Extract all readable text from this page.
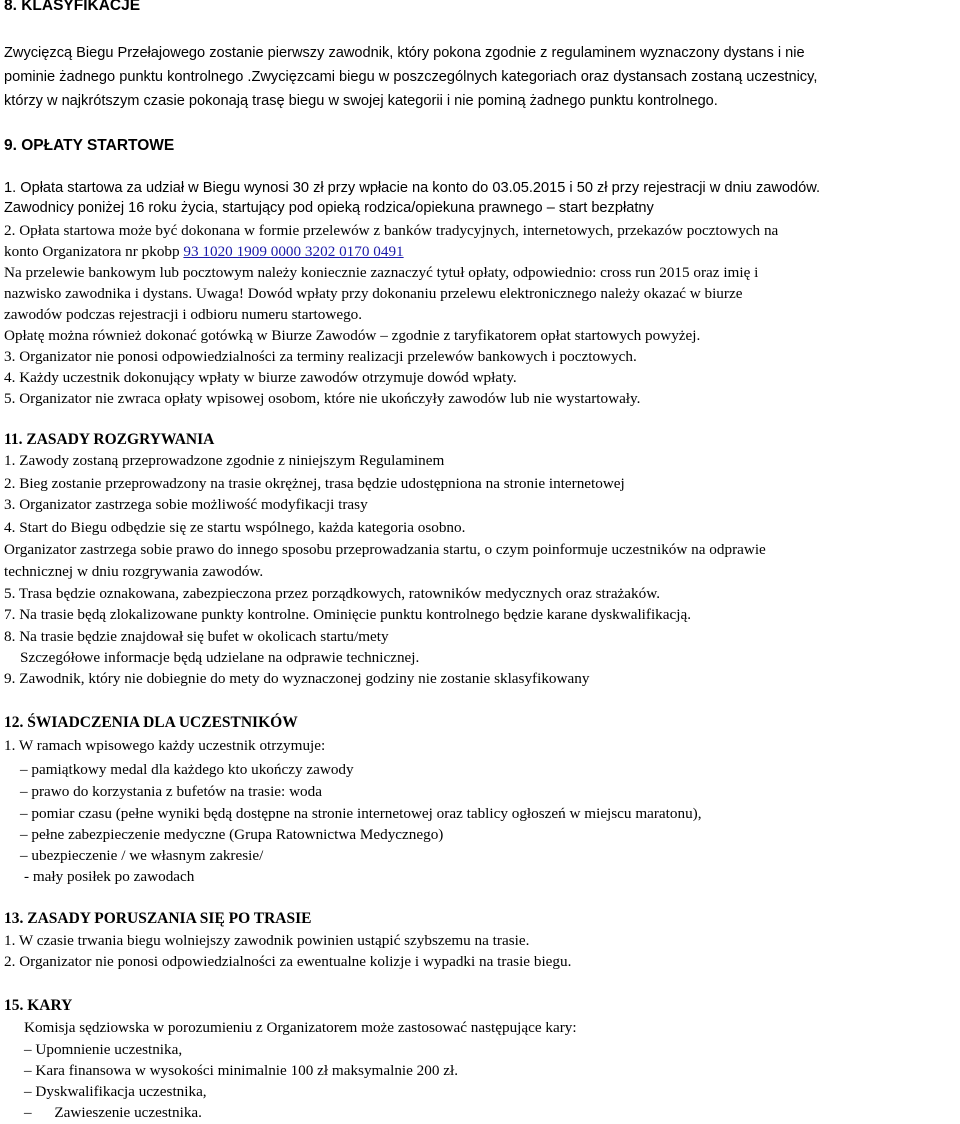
8. KLASYFIKACJE
Zwycięzcą Biegu Przełajowego zostanie pierwszy zawodnik, który pokona zgodnie z regulaminem wyznaczony dystans i nie
pominie żadnego punktu kontrolnego .Zwycięzcami biegu w poszczególnych kategoriach oraz dystansach zostaną uczestnicy,
którzy w najkrótszym czasie pokonają trasę biegu w swojej kategorii i nie pominą żadnego punktu kontrolnego.
9. OPŁATY STARTOWE
1. Opłata startowa za udział w Biegu wynosi 30 zł przy wpłacie na konto do 03.05.2015 i 50 zł przy rejestracji w dniu zawodów.
Zawodnicy poniżej 16 roku życia, startujący pod opieką rodzica/opiekuna prawnego – start bezpłatny
2. Opłata startowa może być dokonana w formie przelewów z banków tradycyjnych, internetowych, przekazów pocztowych na
konto Organizatora nr pkobp 93 1020 1909 0000 3202 0170 0491
Na przelewie bankowym lub pocztowym należy koniecznie zaznaczyć tytuł opłaty, odpowiednio: cross run 2015 oraz imię i
nazwisko zawodnika i dystans. Uwaga! Dowód wpłaty przy dokonaniu przelewu elektronicznego należy okazać w biurze
zawodów podczas rejestracji i odbioru numeru startowego.
Opłatę można również dokonać gotówką w Biurze Zawodów – zgodnie z taryfikatorem opłat startowych powyżej.
3. Organizator nie ponosi odpowiedzialności za terminy realizacji przelewów bankowych i pocztowych.
4. Każdy uczestnik dokonujący wpłaty w biurze zawodów otrzymuje dowód wpłaty.
5. Organizator nie zwraca opłaty wpisowej osobom, które nie ukończyły zawodów lub nie wystartowały.
11. ZASADY ROZGRYWANIA
1. Zawody zostaną przeprowadzone zgodnie z niniejszym Regulaminem
2. Bieg zostanie przeprowadzony na trasie okrężnej, trasa będzie udostępniona na stronie internetowej
3. Organizator zastrzega sobie możliwość modyfikacji trasy
4. Start do Biegu odbędzie się ze startu wspólnego, każda kategoria osobno.
Organizator zastrzega sobie prawo do innego sposobu przeprowadzania startu, o czym poinformuje uczestników na odprawie
technicznej w dniu rozgrywania zawodów.
5. Trasa będzie oznakowana, zabezpieczona przez porządkowych, ratowników medycznych oraz strażaków.
7. Na trasie będą zlokalizowane punkty kontrolne. Ominięcie punktu kontrolnego będzie karane dyskwalifikacją.
8. Na trasie będzie znajdował się bufet w okolicach startu/mety
Szczegółowe informacje będą udzielane na odprawie technicznej.
9. Zawodnik, który nie dobiegnie do mety do wyznaczonej godziny nie zostanie sklasyfikowany
12. ŚWIADCZENIA DLA UCZESTNIKÓW
1. W ramach wpisowego każdy uczestnik otrzymuje:
– pamiątkowy medal dla każdego kto ukończy zawody
– prawo do korzystania z bufetów na trasie: woda
– pomiar czasu (pełne wyniki będą dostępne na stronie internetowej oraz tablicy ogłoszeń w miejscu maratonu),
– pełne zabezpieczenie medyczne (Grupa Ratownictwa Medycznego)
– ubezpieczenie / we własnym zakresie/
- mały posiłek po zawodach
13. ZASADY PORUSZANIA SIĘ PO TRASIE
1. W czasie trwania biegu wolniejszy zawodnik powinien ustąpić szybszemu na trasie.
2. Organizator nie ponosi odpowiedzialności za ewentualne kolizje i wypadki na trasie biegu.
15. KARY
Komisja sędziowska w porozumieniu z Organizatorem może zastosować następujące kary:
– Upomnienie uczestnika,
– Kara finansowa w wysokości minimalnie 100 zł maksymalnie 200 zł.
– Dyskwalifikacja uczestnika,
–      Zawieszenie uczestnika.
